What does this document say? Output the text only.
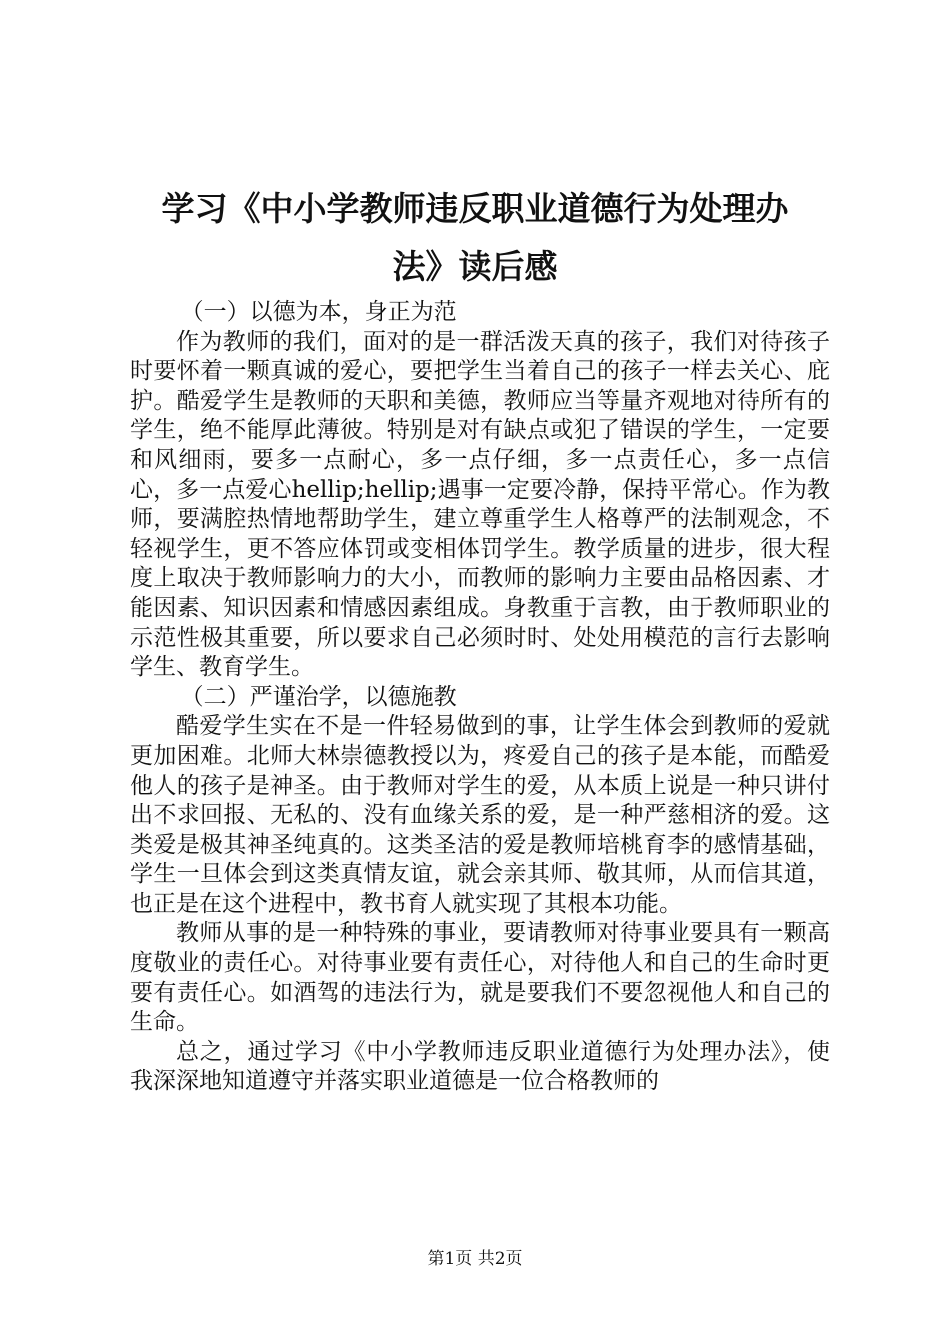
学习《中小学教师违反职业道德行为处理办
法》读后感

（一）以德为本，身正为范

作为教师的我们，面对的是一群活泼天真的孩子，我们对待孩子时要怀着一颗真诚的爱心，要把学生当着自己的孩子一样去关心、庇护。酷爱学生是教师的天职和美德，教师应当等量齐观地对待所有的学生，绝不能厚此薄彼。特别是对有缺点或犯了错误的学生，一定要和风细雨，要多一点耐心，多一点仔细，多一点责任心，多一点信心，多一点爱心hellip;hellip;遇事一定要冷静，保持平常心。作为教师，要满腔热情地帮助学生，建立尊重学生人格尊严的法制观念，不轻视学生，更不答应体罚或变相体罚学生。教学质量的进步，很大程度上取决于教师影响力的大小，而教师的影响力主要由品格因素、才能因素、知识因素和情感因素组成。身教重于言教，由于教师职业的示范性极其重要，所以要求自己必须时时、处处用模范的言行去影响学生、教育学生。

（二）严谨治学，以德施教

酷爱学生实在不是一件轻易做到的事，让学生体会到教师的爱就更加困难。北师大林崇德教授以为，疼爱自己的孩子是本能，而酷爱他人的孩子是神圣。由于教师对学生的爱，从本质上说是一种只讲付出不求回报、无私的、没有血缘关系的爱，是一种严慈相济的爱。这类爱是极其神圣纯真的。这类圣洁的爱是教师培桃育李的感情基础，学生一旦体会到这类真情友谊，就会亲其师、敬其师，从而信其道，也正是在这个进程中，教书育人就实现了其根本功能。

教师从事的是一种特殊的事业，要请教师对待事业要具有一颗高度敬业的责任心。对待事业要有责任心，对待他人和自己的生命时更要有责任心。如酒驾的违法行为，就是要我们不要忽视他人和自己的生命。

总之，通过学习《中小学教师违反职业道德行为处理办法》，使我深深地知道遵守并落实职业道德是一位合格教师的

第1页 共2页
